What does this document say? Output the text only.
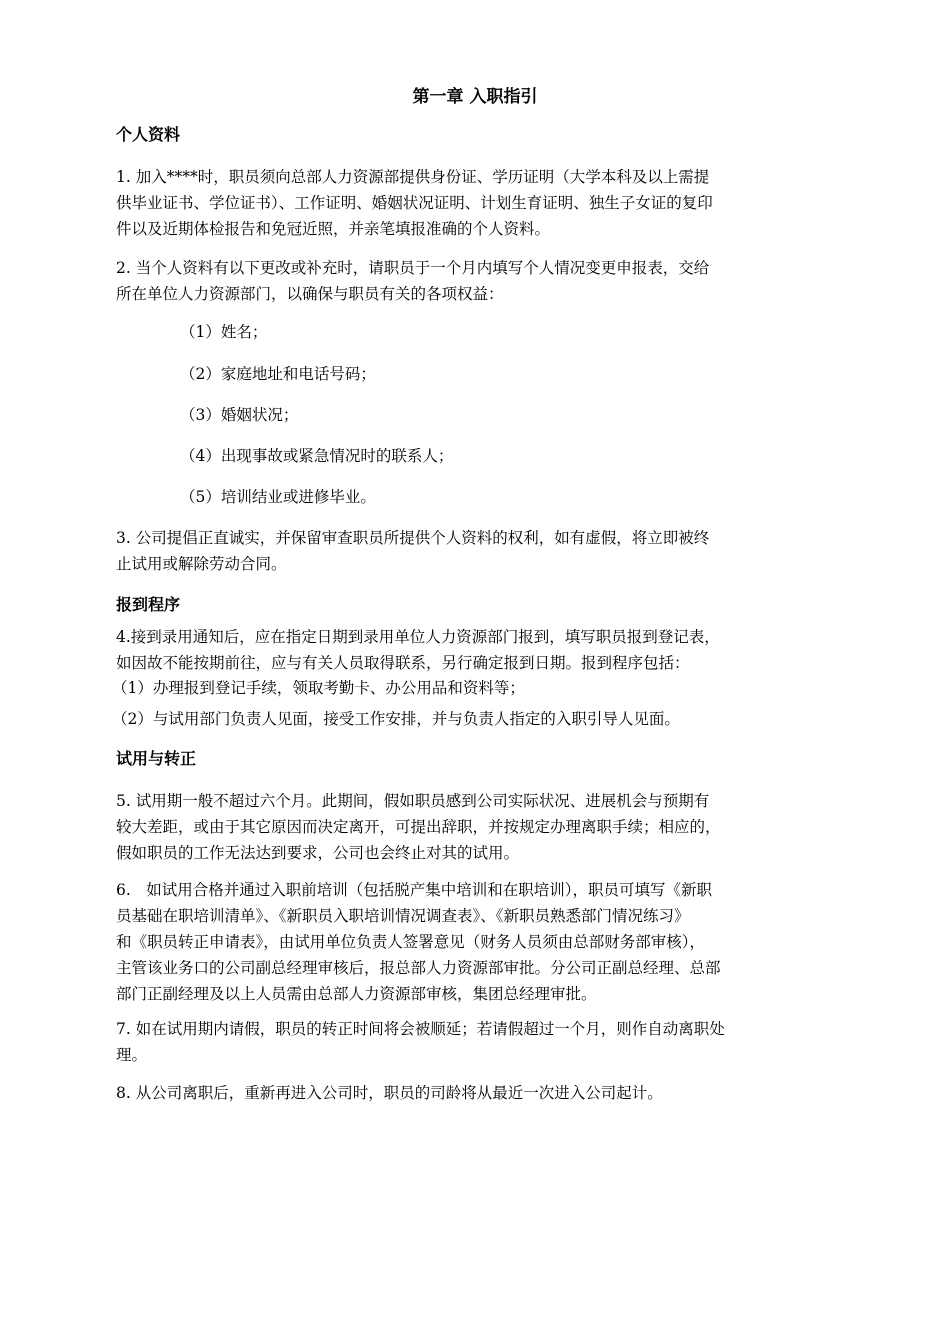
第一章 入职指引
个人资料
1. 加入****时，职员须向总部人力资源部提供身份证、学历证明（大学本科及以上需提
供毕业证书、学位证书）、工作证明、婚姻状况证明、计划生育证明、独生子女证的复印
件以及近期体检报告和免冠近照，并亲笔填报准确的个人资料。
2. 当个人资料有以下更改或补充时，请职员于一个月内填写个人情况变更申报表，交给
所在单位人力资源部门，以确保与职员有关的各项权益：
（1）姓名；
（2）家庭地址和电话号码；
（3）婚姻状况；
（4）出现事故或紧急情况时的联系人；
（5）培训结业或进修毕业。
3. 公司提倡正直诚实，并保留审查职员所提供个人资料的权利，如有虚假，将立即被终
止试用或解除劳动合同。
报到程序
4.接到录用通知后，应在指定日期到录用单位人力资源部门报到，填写职员报到登记表，
如因故不能按期前往，应与有关人员取得联系，另行确定报到日期。报到程序包括：
（1）办理报到登记手续，领取考勤卡、办公用品和资料等；
（2）与试用部门负责人见面，接受工作安排，并与负责人指定的入职引导人见面。
试用与转正
5. 试用期一般不超过六个月。此期间，假如职员感到公司实际状况、进展机会与预期有
较大差距，或由于其它原因而决定离开，可提出辞职，并按规定办理离职手续；相应的，
假如职员的工作无法达到要求，公司也会终止对其的试用。
6.　如试用合格并通过入职前培训（包括脱产集中培训和在职培训），职员可填写《新职
员基础在职培训清单》、《新职员入职培训情况调查表》、《新职员熟悉部门情况练习》
和《职员转正申请表》，由试用单位负责人签署意见（财务人员须由总部财务部审核），
主管该业务口的公司副总经理审核后，报总部人力资源部审批。分公司正副总经理、总部
部门正副经理及以上人员需由总部人力资源部审核，集团总经理审批。
7. 如在试用期内请假，职员的转正时间将会被顺延；若请假超过一个月，则作自动离职处
理。
8. 从公司离职后，重新再进入公司时，职员的司龄将从最近一次进入公司起计。
